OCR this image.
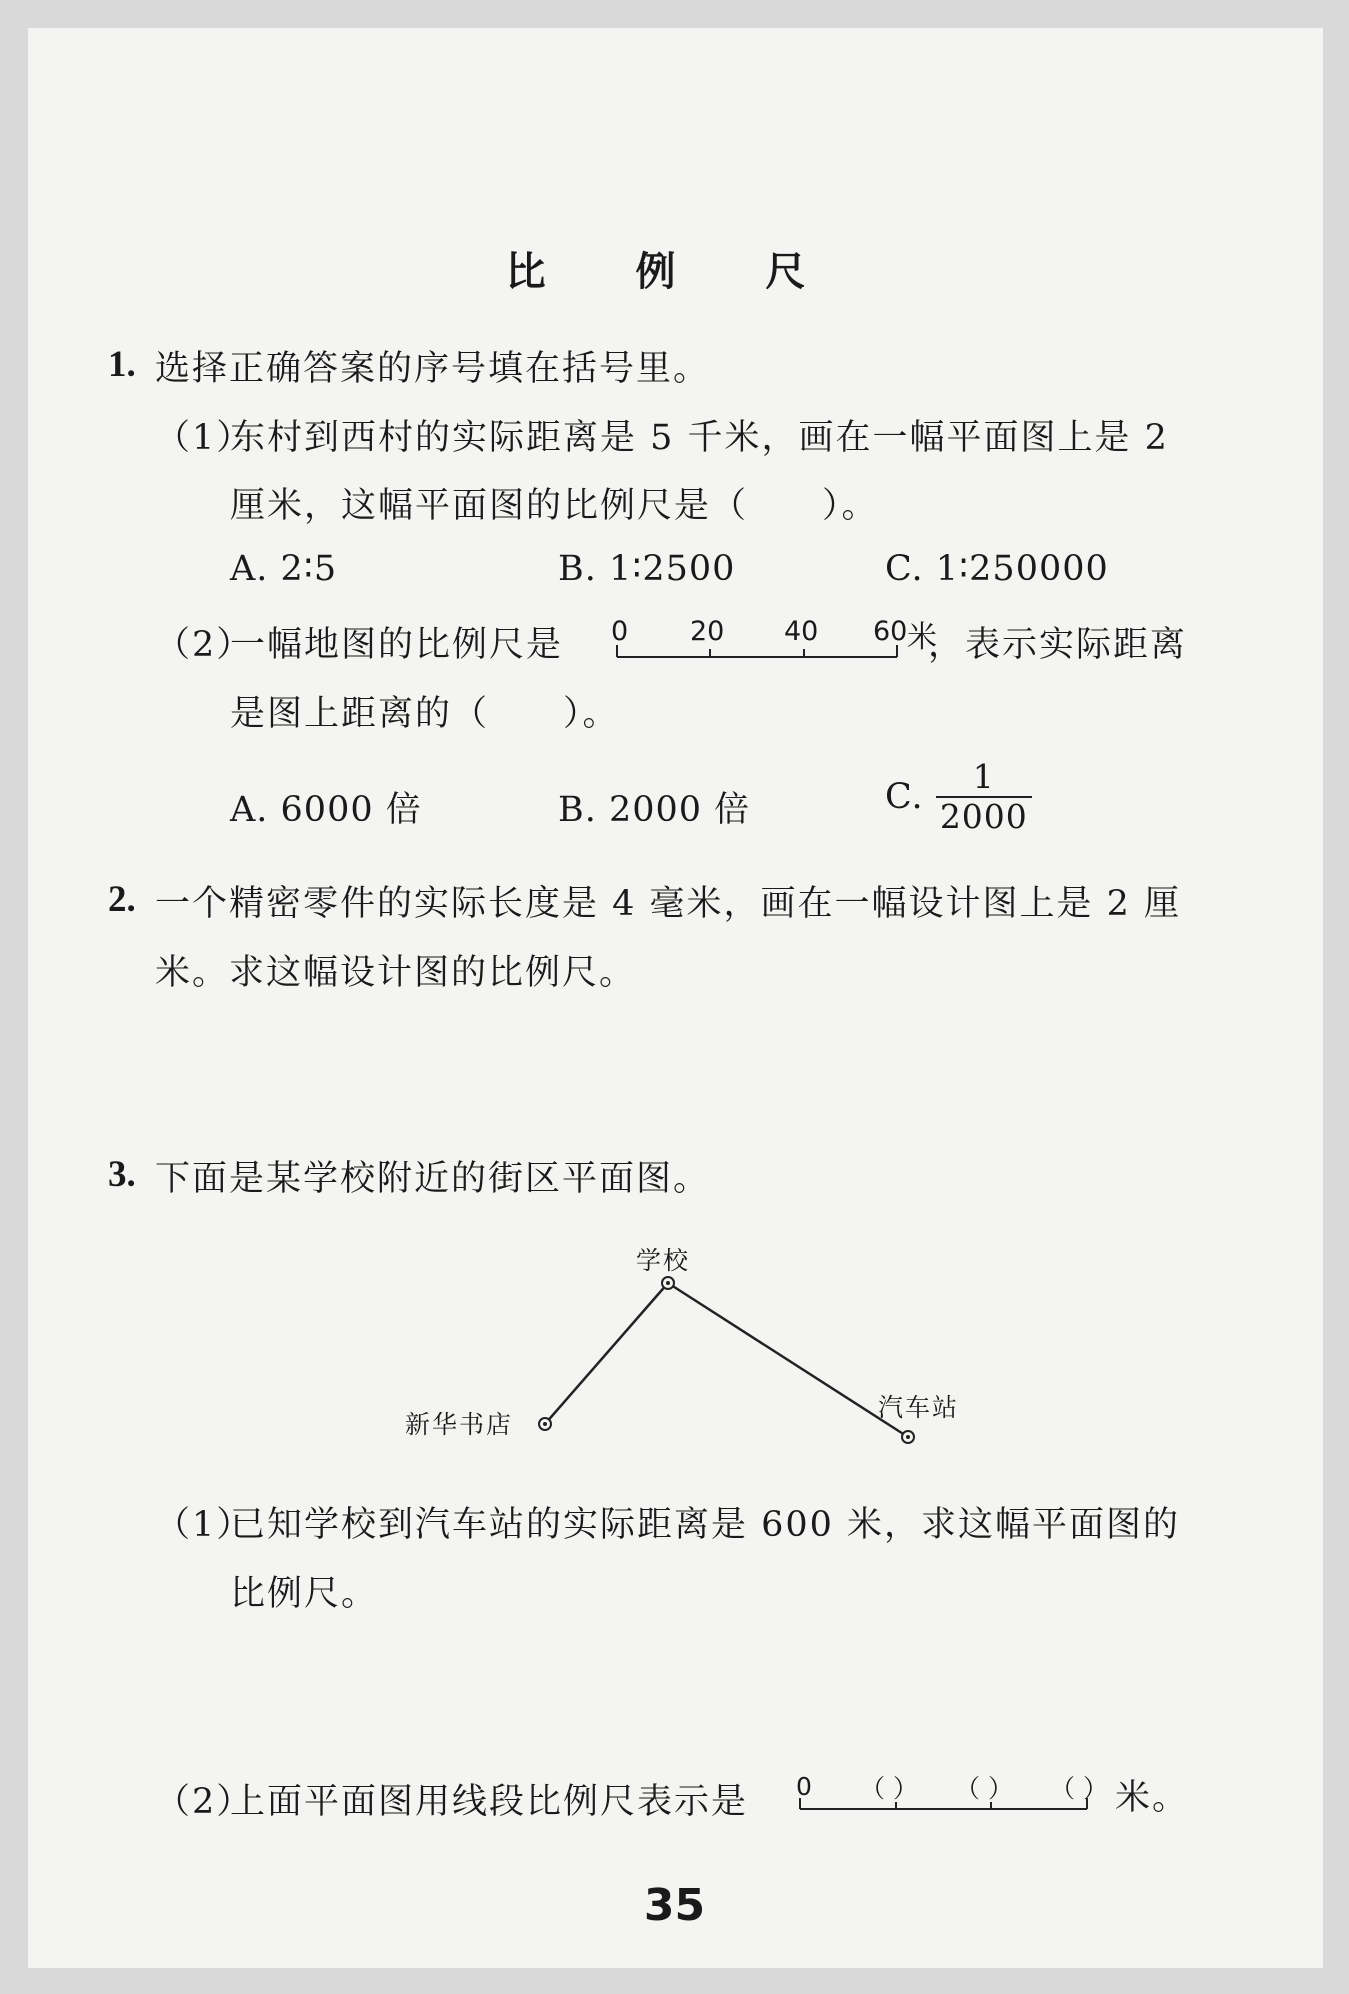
比 例 尺
1. 选择正确答案的序号填在括号里。
（1）
东村到西村的实际距离是 5 千米，画在一幅平面图上是 2
厘米，这幅平面图的比例尺是（　　）。
A. 2∶5	B. 1∶2500	C. 1∶250000
（2）
一幅地图的比例尺是 0 20 40 60 米
，表示实际距离
是图上距离的（　　）。
A. 6000 倍	B. 2000 倍	C. $\frac{1}{2000}$
2. 一个精密零件的实际长度是 4 毫米，画在一幅设计图上是 2 厘
米。求这幅设计图的比例尺。
3. 下面是某学校附近的街区平面图。
学校
新华书店
汽车站
（1）
已知学校到汽车站的实际距离是 600 米，求这幅平面图的
比例尺。
（2）
上面平面图用线段比例尺表示是 0 （ ） （ ） （ ） 米。
35
